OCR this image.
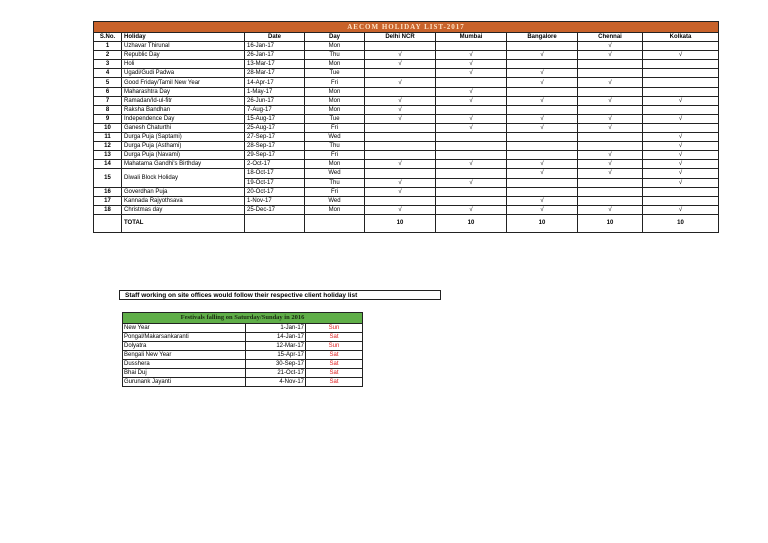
AECOM HOLIDAY LIST-2017								
S.No.	Holiday	Date	Day	Delhi NCR	Mumbai	Bangalore	Chennai	Kolkata
1	Uzhavar Thirunal	16-Jan-17	Mon				√	
2	Republic Day	26-Jan-17	Thu	√	√	√	√	√
3	Holi	13-Mar-17	Mon	√	√			
4	Ugadi/Gudi Padwa	28-Mar-17	Tue		√	√		
5	Good Friday/Tamil New Year	14-Apr-17	Fri	√		√	√	
6	Maharashtra Day	1-May-17	Mon		√			
7	Ramadan/Id-ul-fitr	26-Jun-17	Mon	√	√	√	√	√
8	Raksha Bandhan	7-Aug-17	Mon	√				
9	Independence Day	15-Aug-17	Tue	√	√	√	√	√
10	Ganesh Chaturthi	25-Aug-17	Fri		√	√	√	
11	Durga Puja (Saptami)	27-Sep-17	Wed					√
12	Durga Puja (Asthami)	28-Sep-17	Thu					√
13	Durga Puja (Navami)	29-Sep-17	Fri				√	√
14	Mahatama Gandhi's Birthday	2-Oct-17	Mon	√	√	√	√	√
15	Diwali Block Holiday	18-Oct-17	Wed			√	√	√
		19-Oct-17	Thu	√	√			√
16	Goverdhan Puja	20-Oct-17	Fri	√				
17	Kannada Rajyothsava	1-Nov-17	Wed			√		
18	Christmas day	25-Dec-17	Mon	√	√	√	√	√
	TOTAL			10	10	10	10	10
Staff working on site offices would follow their respective client holiday list
Festivals falling on Saturday/Sunday in 2016		
New Year	1-Jan-17	Sun
Pongal/Makarsankaranti	14-Jan-17	Sat
Dolyatra	12-Mar-17	Sun
Bengali New Year	15-Apr-17	Sat
Dusshera	30-Sep-17	Sat
Bhai Duj	21-Oct-17	Sat
Gurunank Jayanti	4-Nov-17	Sat
